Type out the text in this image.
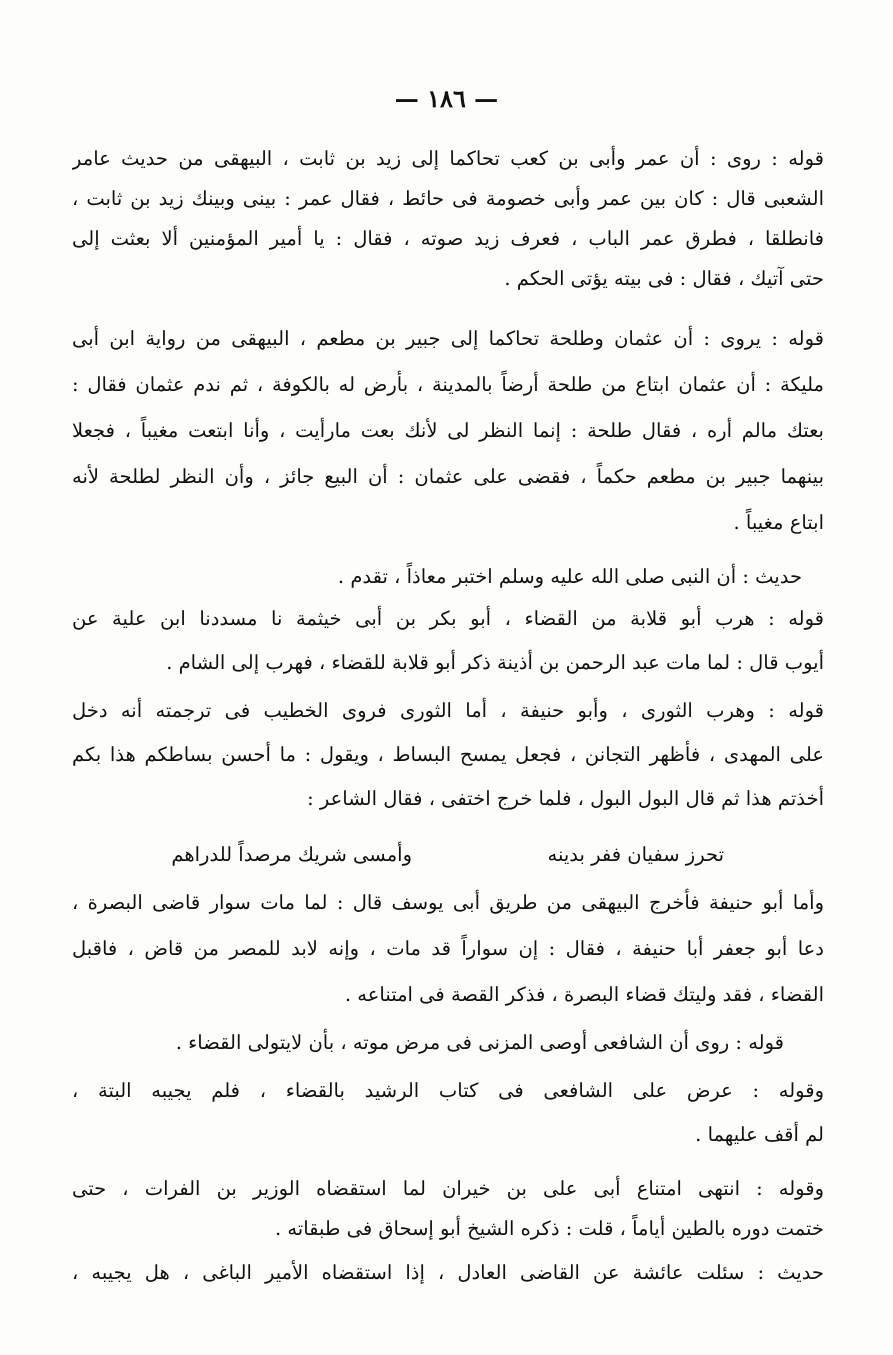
— ١٨٦ —
قوله : روى : أن عمر وأبى بن كعب تحاكما إلى زيد بن ثابت ، البيهقى من حديث عامر
الشعبى قال : كان بين عمر وأبى خصومة فى حائط ، فقال عمر : بينى وبينك زيد بن ثابت ،
فانطلقا ، فطرق عمر الباب ، فعرف زيد صوته ، فقال : يا أمير المؤمنين ألا بعثت إلى
حتى آتيك ، فقال : فى بيته يؤتى الحكم .
قوله : يروى : أن عثمان وطلحة تحاكما إلى جبير بن مطعم ، البيهقى من رواية ابن أبى
مليكة : أن عثمان ابتاع من طلحة أرضاً بالمدينة ، بأرض له بالكوفة ، ثم ندم عثمان فقال :
بعتك مالم أره ، فقال طلحة : إنما النظر لى لأنك بعت مارأيت ، وأنا ابتعت مغيباً ، فجعلا
بينهما جبير بن مطعم حكماً ، فقضى على عثمان : أن البيع جائز ، وأن النظر لطلحة لأنه
ابتاع مغيباً .
حديث : أن النبى صلى الله عليه وسلم اختبر معاذاً ، تقدم .
قوله : هرب أبو قلابة من القضاء ، أبو بكر بن أبى خيثمة نا مسددنا ابن علية عن
أيوب قال : لما مات عبد الرحمن بن أذينة ذكر أبو قلابة للقضاء ، فهرب إلى الشام .
قوله : وهرب الثورى ، وأبو حنيفة ، أما الثورى فروى الخطيب فى ترجمته أنه دخل
على المهدى ، فأظهر التجانن ، فجعل يمسح البساط ، ويقول : ما أحسن بساطكم هذا بكم
أخذتم هذا ثم قال البول البول ، فلما خرج اختفى ، فقال الشاعر :
تحرز سفيان ففر بدينه
وأمسى شريك مرصداً للدراهم
وأما أبو حنيفة فأخرج البيهقى من طريق أبى يوسف قال : لما مات سوار قاضى البصرة ،
دعا أبو جعفر أبا حنيفة ، فقال : إن سواراً قد مات ، وإنه لابد للمصر من قاض ، فاقبل
القضاء ، فقد وليتك قضاء البصرة ، فذكر القصة فى امتناعه .
قوله : روى أن الشافعى أوصى المزنى فى مرض موته ، بأن لايتولى القضاء .
وقوله : عرض على الشافعى فى كتاب الرشيد بالقضاء ، فلم يجيبه البتة ،
لم أقف عليهما .
وقوله : انتهى امتناع أبى على بن خيران لما استقضاه الوزير بن الفرات ، حتى
ختمت دوره بالطين أياماً ، قلت : ذكره الشيخ أبو إسحاق فى طبقاته .
حديث : سئلت عائشة عن القاضى العادل ، إذا استقضاه الأمير الباغى ، هل يجيبه ،
